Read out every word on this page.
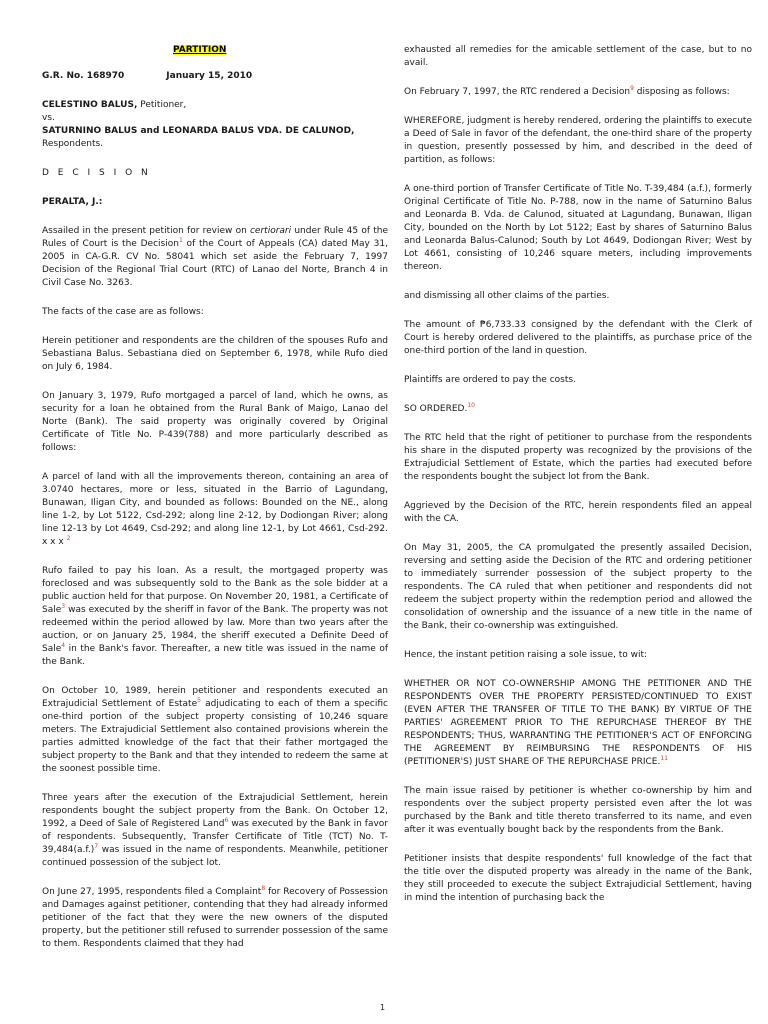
PARTITION

G.R. No. 168970	January 15, 2010

CELESTINO BALUS, Petitioner,
vs.
SATURNINO BALUS and LEONARDA BALUS VDA. DE CALUNOD, Respondents.

D E C I S I O N

PERALTA, J.:

Assailed in the present petition for review on certiorari under Rule 45 of the Rules of Court is the Decision$^1$ of the Court of Appeals (CA) dated May 31, 2005 in CA-G.R. CV No. 58041 which set aside the February 7, 1997 Decision of the Regional Trial Court (RTC) of Lanao del Norte, Branch 4 in Civil Case No. 3263.

The facts of the case are as follows:

Herein petitioner and respondents are the children of the spouses Rufo and Sebastiana Balus. Sebastiana died on September 6, 1978, while Rufo died on July 6, 1984.

On January 3, 1979, Rufo mortgaged a parcel of land, which he owns, as security for a loan he obtained from the Rural Bank of Maigo, Lanao del Norte (Bank). The said property was originally covered by Original Certificate of Title No. P-439(788) and more particularly described as follows:

A parcel of land with all the improvements thereon, containing an area of 3.0740 hectares, more or less, situated in the Barrio of Lagundang, Bunawan, Iligan City, and bounded as follows: Bounded on the NE., along line 1-2, by Lot 5122, Csd-292; along line 2-12, by Dodiongan River; along line 12-13 by Lot 4649, Csd-292; and along line 12-1, by Lot 4661, Csd-292. x x x $^2$

Rufo failed to pay his loan. As a result, the mortgaged property was foreclosed and was subsequently sold to the Bank as the sole bidder at a public auction held for that purpose. On November 20, 1981, a Certificate of Sale$^3$ was executed by the sheriff in favor of the Bank. The property was not redeemed within the period allowed by law. More than two years after the auction, or on January 25, 1984, the sheriff executed a Definite Deed of Sale$^4$ in the Bank's favor. Thereafter, a new title was issued in the name of the Bank.

On October 10, 1989, herein petitioner and respondents executed an Extrajudicial Settlement of Estate$^5$ adjudicating to each of them a specific one-third portion of the subject property consisting of 10,246 square meters. The Extrajudicial Settlement also contained provisions wherein the parties admitted knowledge of the fact that their father mortgaged the subject property to the Bank and that they intended to redeem the same at the soonest possible time.

Three years after the execution of the Extrajudicial Settlement, herein respondents bought the subject property from the Bank. On October 12, 1992, a Deed of Sale of Registered Land$^6$ was executed by the Bank in favor of respondents. Subsequently, Transfer Certificate of Title (TCT) No. T-39,484(a.f.)$^7$ was issued in the name of respondents. Meanwhile, petitioner continued possession of the subject lot.

On June 27, 1995, respondents filed a Complaint$^8$ for Recovery of Possession and Damages against petitioner, contending that they had already informed petitioner of the fact that they were the new owners of the disputed property, but the petitioner still refused to surrender possession of the same to them. Respondents claimed that they had

exhausted all remedies for the amicable settlement of the case, but to no avail.

On February 7, 1997, the RTC rendered a Decision$^9$ disposing as follows:

WHEREFORE, judgment is hereby rendered, ordering the plaintiffs to execute a Deed of Sale in favor of the defendant, the one-third share of the property in question, presently possessed by him, and described in the deed of partition, as follows:

A one-third portion of Transfer Certificate of Title No. T-39,484 (a.f.), formerly Original Certificate of Title No. P-788, now in the name of Saturnino Balus and Leonarda B. Vda. de Calunod, situated at Lagundang, Bunawan, Iligan City, bounded on the North by Lot 5122; East by shares of Saturnino Balus and Leonarda Balus-Calunod; South by Lot 4649, Dodiongan River; West by Lot 4661, consisting of 10,246 square meters, including improvements thereon.

and dismissing all other claims of the parties.

The amount of ₱6,733.33 consigned by the defendant with the Clerk of Court is hereby ordered delivered to the plaintiffs, as purchase price of the one-third portion of the land in question.

Plaintiffs are ordered to pay the costs.

SO ORDERED.$^{10}$

The RTC held that the right of petitioner to purchase from the respondents his share in the disputed property was recognized by the provisions of the Extrajudicial Settlement of Estate, which the parties had executed before the respondents bought the subject lot from the Bank.

Aggrieved by the Decision of the RTC, herein respondents filed an appeal with the CA.

On May 31, 2005, the CA promulgated the presently assailed Decision, reversing and setting aside the Decision of the RTC and ordering petitioner to immediately surrender possession of the subject property to the respondents. The CA ruled that when petitioner and respondents did not redeem the subject property within the redemption period and allowed the consolidation of ownership and the issuance of a new title in the name of the Bank, their co-ownership was extinguished.

Hence, the instant petition raising a sole issue, to wit:

WHETHER OR NOT CO-OWNERSHIP AMONG THE PETITIONER AND THE RESPONDENTS OVER THE PROPERTY PERSISTED/CONTINUED TO EXIST (EVEN AFTER THE TRANSFER OF TITLE TO THE BANK) BY VIRTUE OF THE PARTIES' AGREEMENT PRIOR TO THE REPURCHASE THEREOF BY THE RESPONDENTS; THUS, WARRANTING THE PETITIONER'S ACT OF ENFORCING THE AGREEMENT BY REIMBURSING THE RESPONDENTS OF HIS (PETITIONER'S) JUST SHARE OF THE REPURCHASE PRICE.$^{11}$

The main issue raised by petitioner is whether co-ownership by him and respondents over the subject property persisted even after the lot was purchased by the Bank and title thereto transferred to its name, and even after it was eventually bought back by the respondents from the Bank.

Petitioner insists that despite respondents' full knowledge of the fact that the title over the disputed property was already in the name of the Bank, they still proceeded to execute the subject Extrajudicial Settlement, having in mind the intention of purchasing back the

1
